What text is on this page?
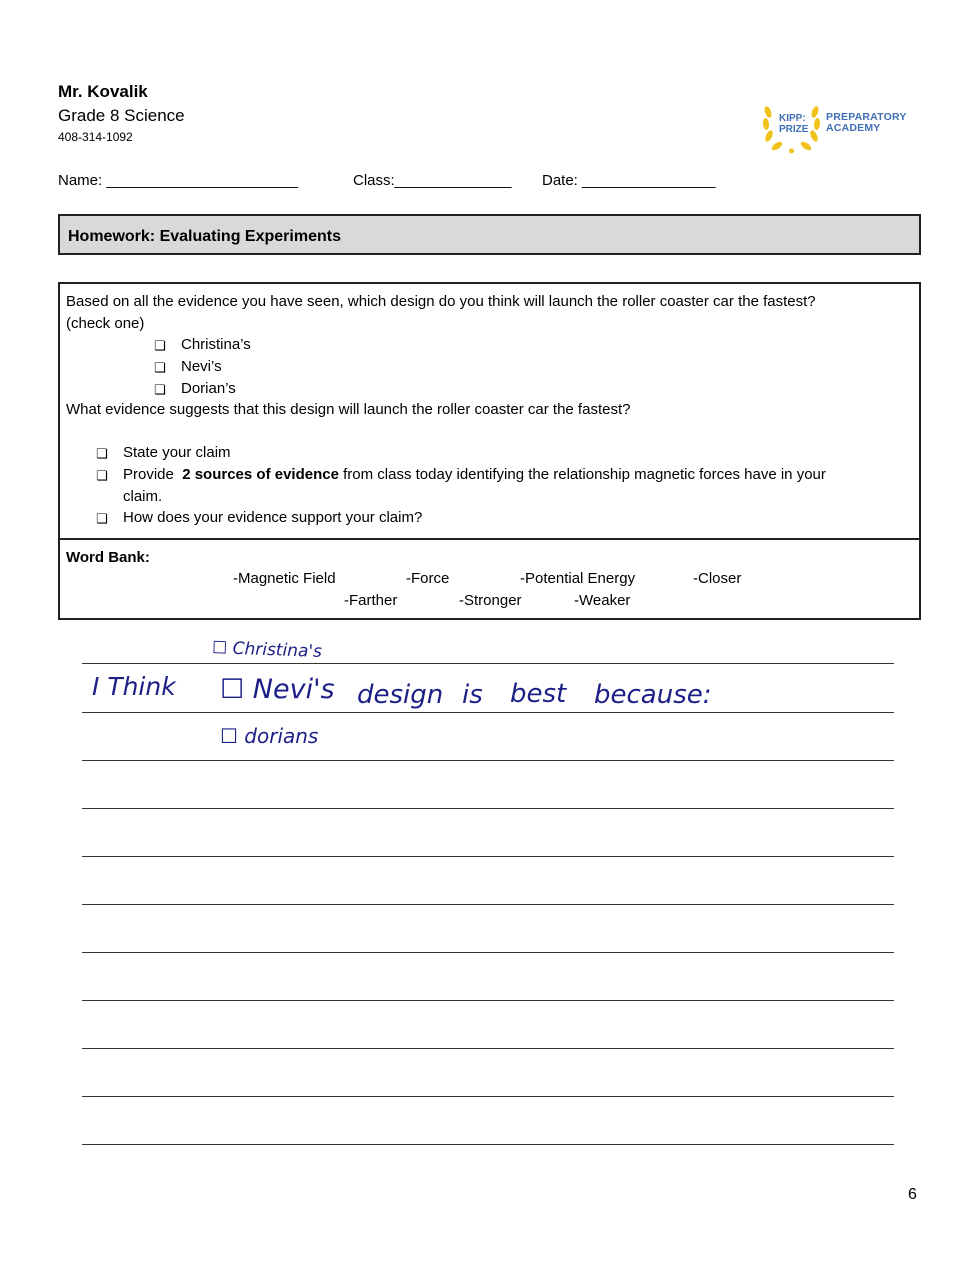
Mr. Kovalik
Grade 8 Science
408-314-1092
KIPP:
PRIZE
PREPARATORY
ACADEMY
Name: _______________________	Class:______________ Date: ________________
Homework: Evaluating Experiments
Based on all the evidence you have seen, which design do you think will launch the roller coaster car the fastest?
(check one)
❏ Christina’s
❏ Nevi’s
❏ Dorian’s
What evidence suggests that this design will launch the roller coaster car the fastest?
❏ State your claim
❏ Provide 2 sources of evidence from class today identifying the relationship magnetic forces have in your
claim.
❏ How does your evidence support your claim?
Word Bank:
-Magnetic Field	-Force	-Potential Energy	-Closer
-Farther	-Stronger	-Weaker
☐ Christina's
I Think ☐ Nevi's design is best because:
☐ dorians
6
